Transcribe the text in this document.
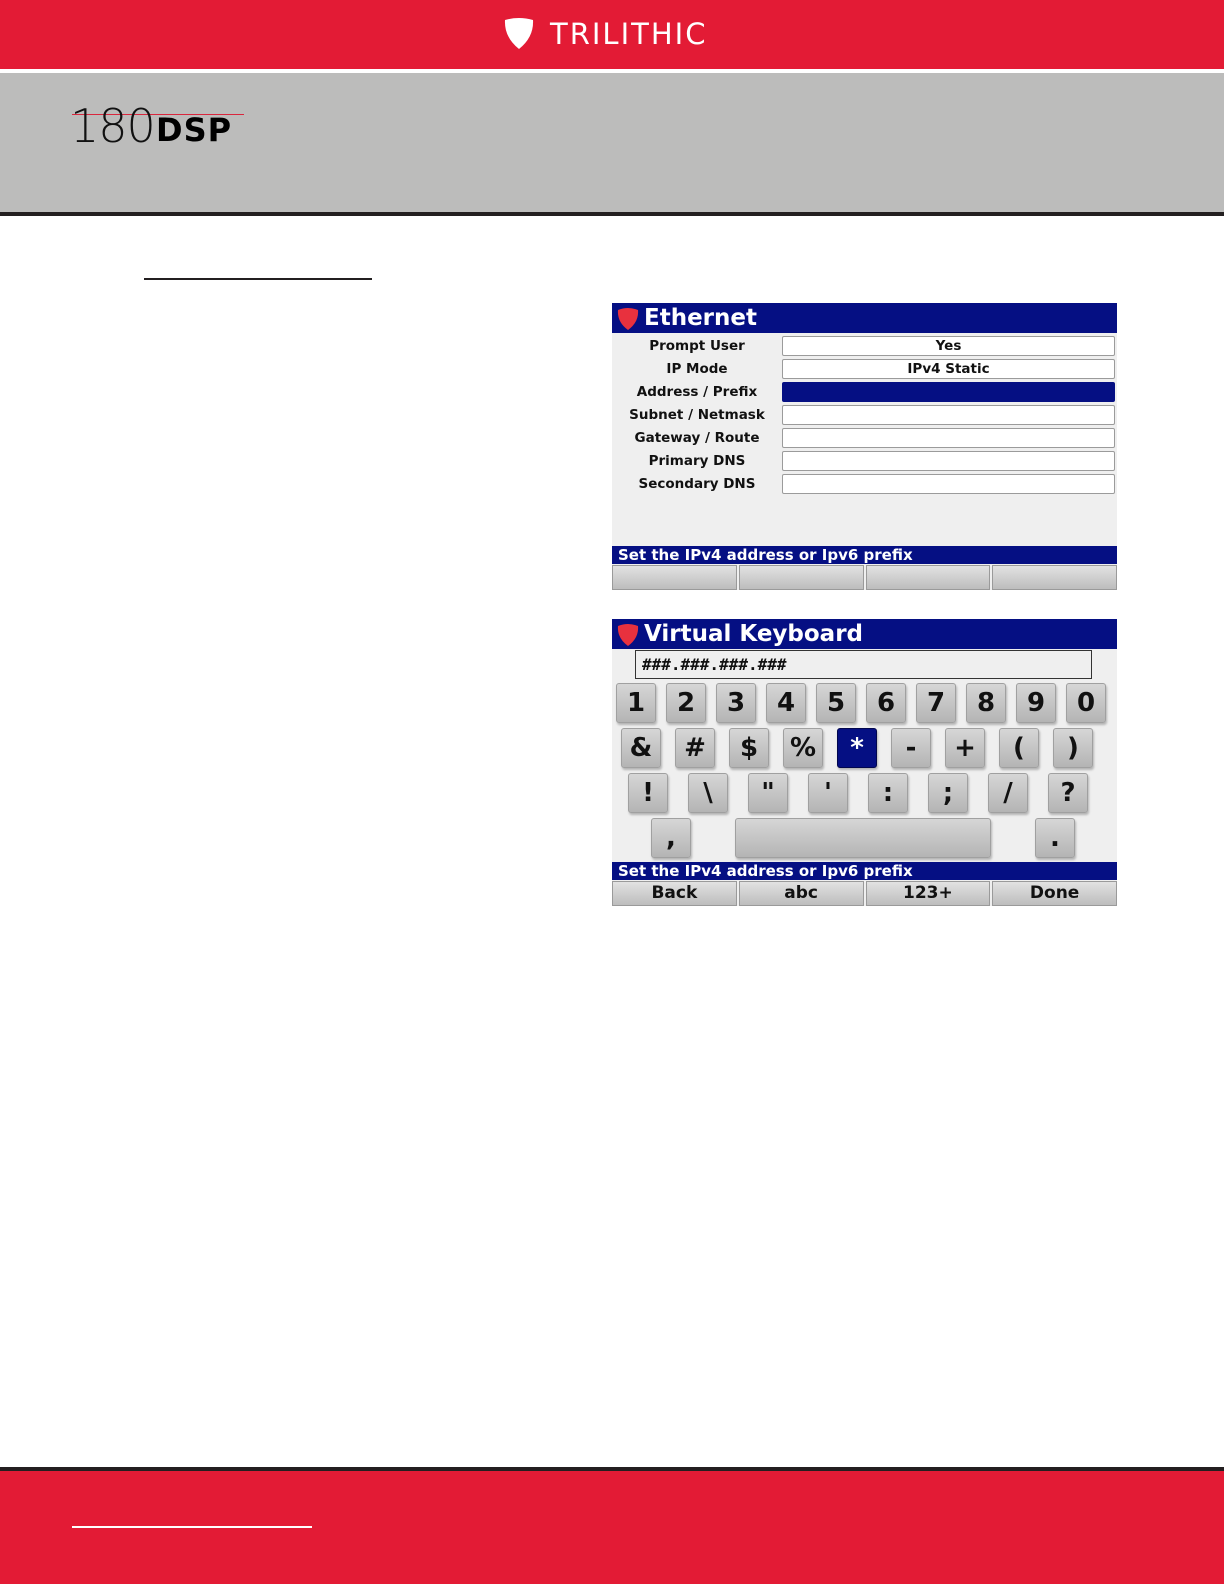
TRILITHIC
180 DSP
Ethernet
Prompt User	Yes
IP Mode	IPv4 Static
Address / Prefix
Subnet / Netmask
Gateway / Route
Primary DNS
Secondary DNS
Set the IPv4 address or Ipv6 prefix
Virtual Keyboard
###.###.###.###
1	2	3	4	5	6	7	8	9	0
&	#	$	%	*	-	+	(	)
!	\	"	'	:	;	/	?
,	.
Set the IPv4 address or Ipv6 prefix
Back	abc	123+	Done
